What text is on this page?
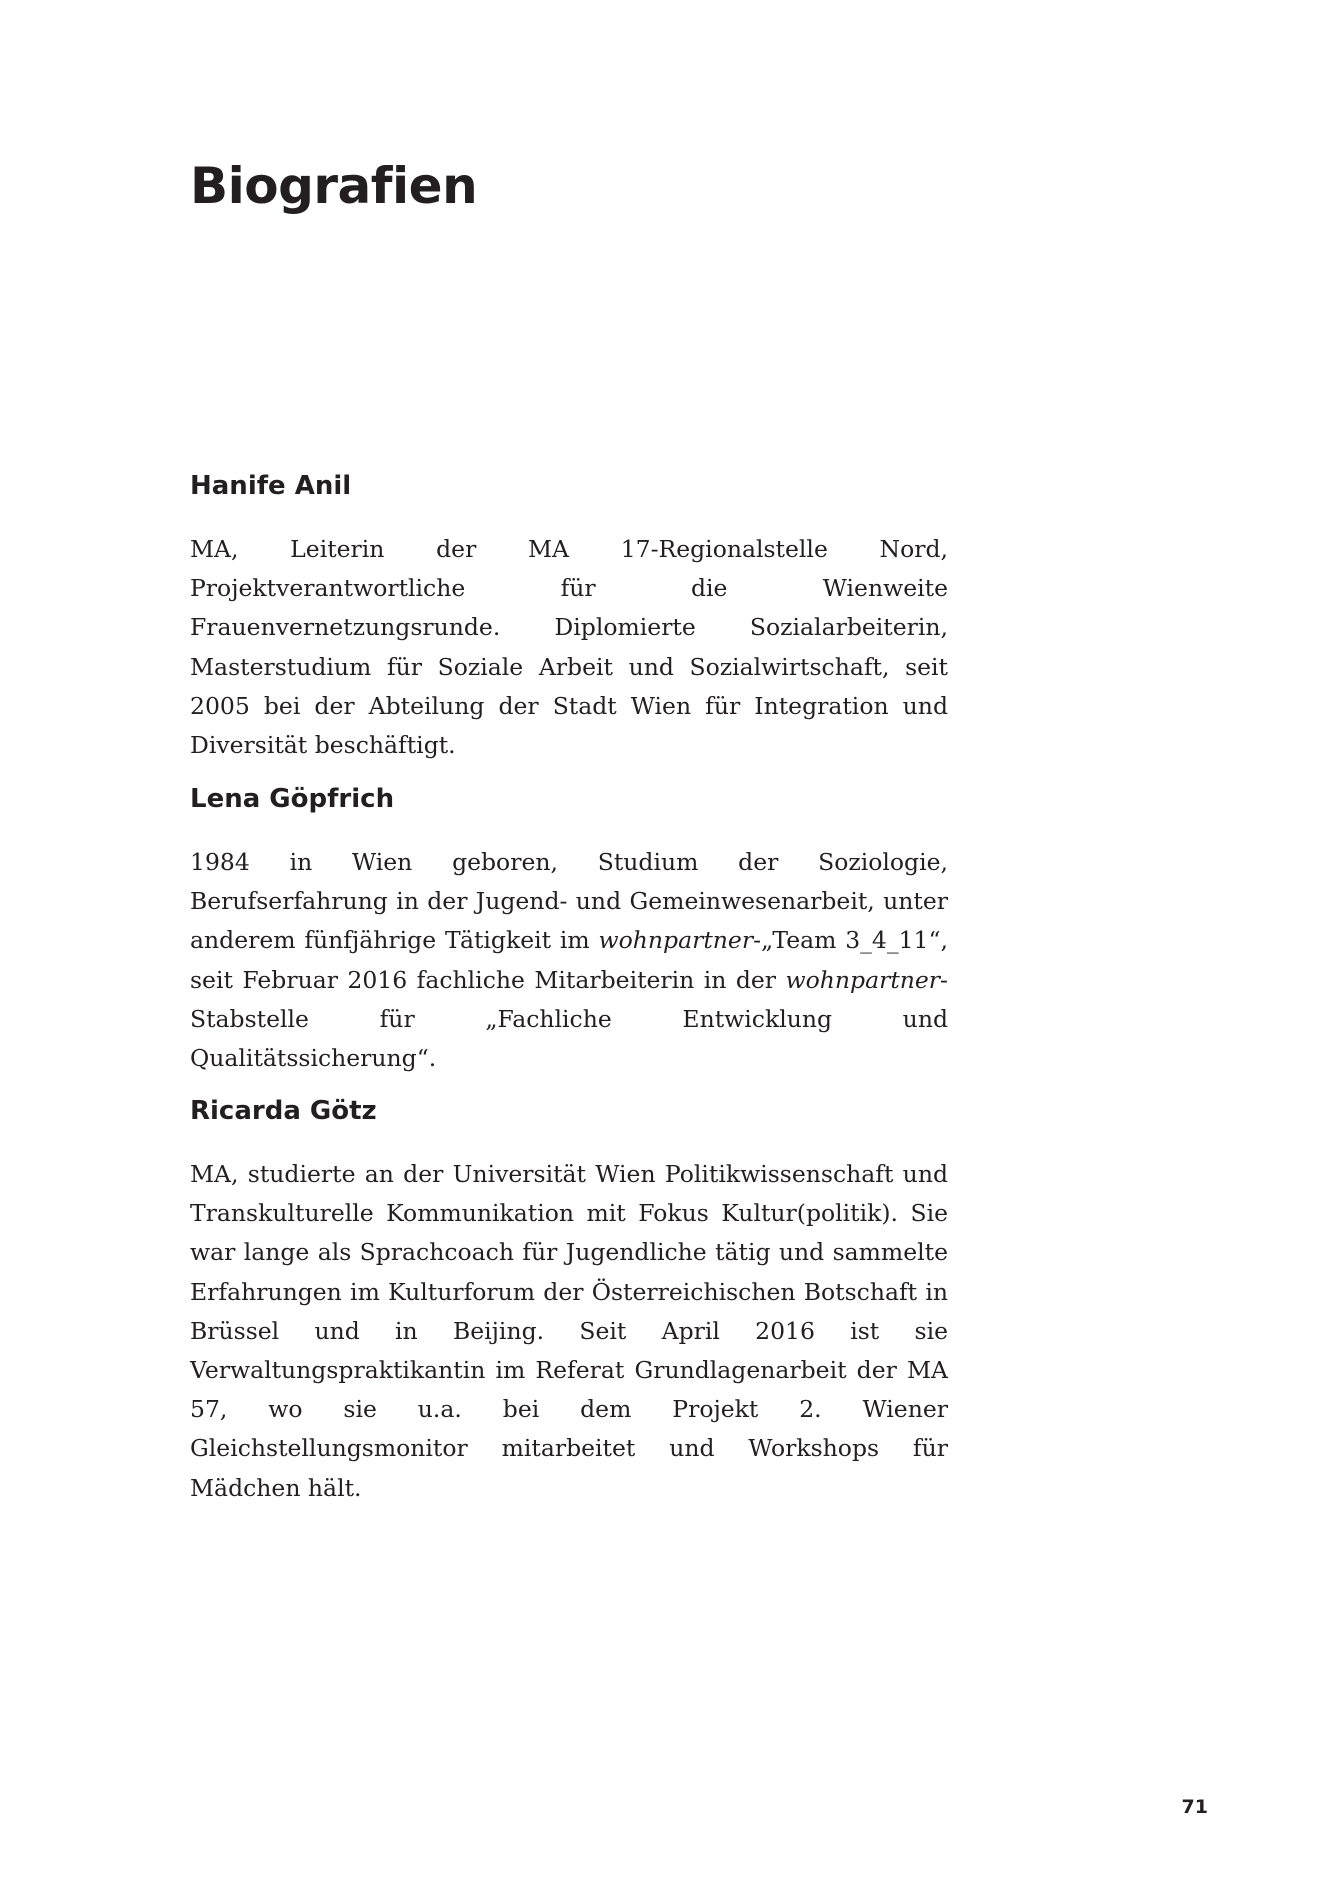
Biografien
Hanife Anil

MA, Leiterin der MA 17-Regionalstelle Nord, Projektverantwortliche für die Wienweite Frauenvernetzungsrunde. Diplomierte Sozialarbeiterin, Masterstudium für Soziale Arbeit und Sozialwirtschaft, seit 2005 bei der Abteilung der Stadt Wien für Integration und Diversität beschäftigt.

Lena Göpfrich

1984 in Wien geboren, Studium der Soziologie, Berufserfahrung in der Jugend- und Gemeinwesenarbeit, unter anderem fünfjährige Tätigkeit im wohnpartner-„Team 3_4_11“, seit Februar 2016 fachliche Mitarbeiterin in der wohnpartner-Stabstelle für „Fachliche Entwicklung und Qualitätssicherung“.

Ricarda Götz

MA, studierte an der Universität Wien Politikwissenschaft und Transkulturelle Kommunikation mit Fokus Kultur(politik). Sie war lange als Sprachcoach für Jugendliche tätig und sammelte Erfahrungen im Kulturforum der Österreichischen Botschaft in Brüssel und in Beijing. Seit April 2016 ist sie Verwaltungspraktikantin im Referat Grundlagenarbeit der MA 57, wo sie u.a. bei dem Projekt 2. Wiener Gleichstellungsmonitor mitarbeitet und Workshops für Mädchen hält.

71
